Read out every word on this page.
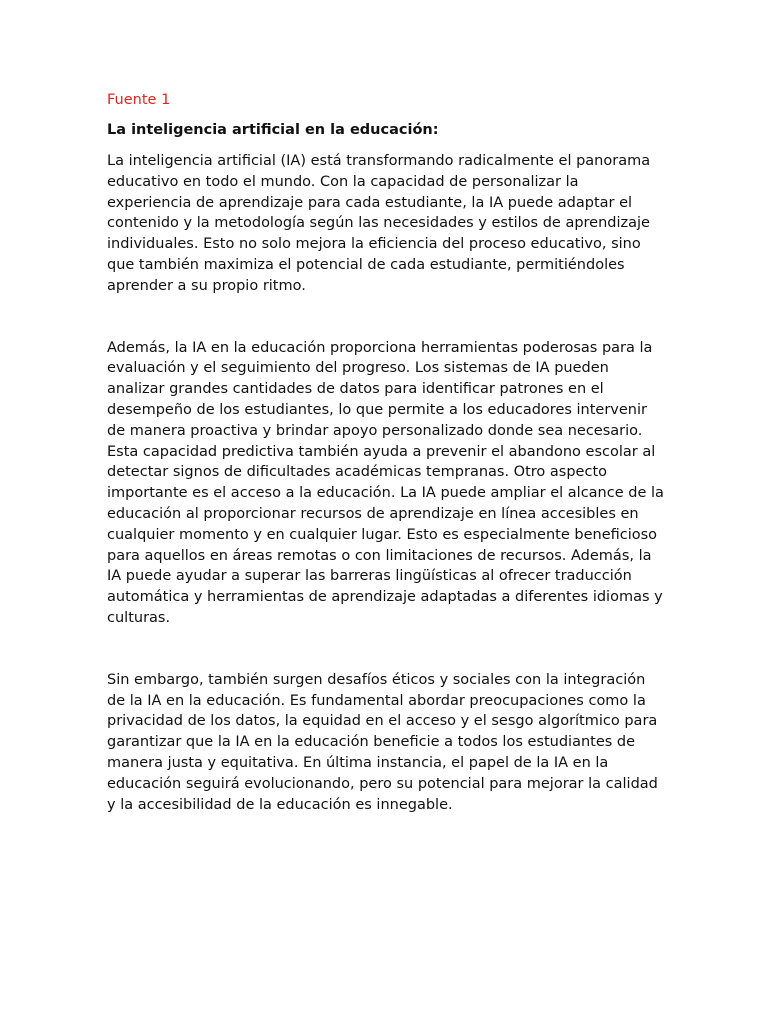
Fuente 1
La inteligencia artificial en la educación:

La inteligencia artificial (IA) está transformando radicalmente el panorama educativo en todo el mundo. Con la capacidad de personalizar la experiencia de aprendizaje para cada estudiante, la IA puede adaptar el contenido y la metodología según las necesidades y estilos de aprendizaje individuales. Esto no solo mejora la eficiencia del proceso educativo, sino que también maximiza el potencial de cada estudiante, permitiéndoles aprender a su propio ritmo.

Además, la IA en la educación proporciona herramientas poderosas para la evaluación y el seguimiento del progreso. Los sistemas de IA pueden analizar grandes cantidades de datos para identificar patrones en el desempeño de los estudiantes, lo que permite a los educadores intervenir de manera proactiva y brindar apoyo personalizado donde sea necesario. Esta capacidad predictiva también ayuda a prevenir el abandono escolar al detectar signos de dificultades académicas tempranas. Otro aspecto importante es el acceso a la educación. La IA puede ampliar el alcance de la educación al proporcionar recursos de aprendizaje en línea accesibles en cualquier momento y en cualquier lugar. Esto es especialmente beneficioso para aquellos en áreas remotas o con limitaciones de recursos. Además, la IA puede ayudar a superar las barreras lingüísticas al ofrecer traducción automática y herramientas de aprendizaje adaptadas a diferentes idiomas y culturas.

Sin embargo, también surgen desafíos éticos y sociales con la integración de la IA en la educación. Es fundamental abordar preocupaciones como la privacidad de los datos, la equidad en el acceso y el sesgo algorítmico para garantizar que la IA en la educación beneficie a todos los estudiantes de manera justa y equitativa. En última instancia, el papel de la IA en la educación seguirá evolucionando, pero su potencial para mejorar la calidad y la accesibilidad de la educación es innegable.
